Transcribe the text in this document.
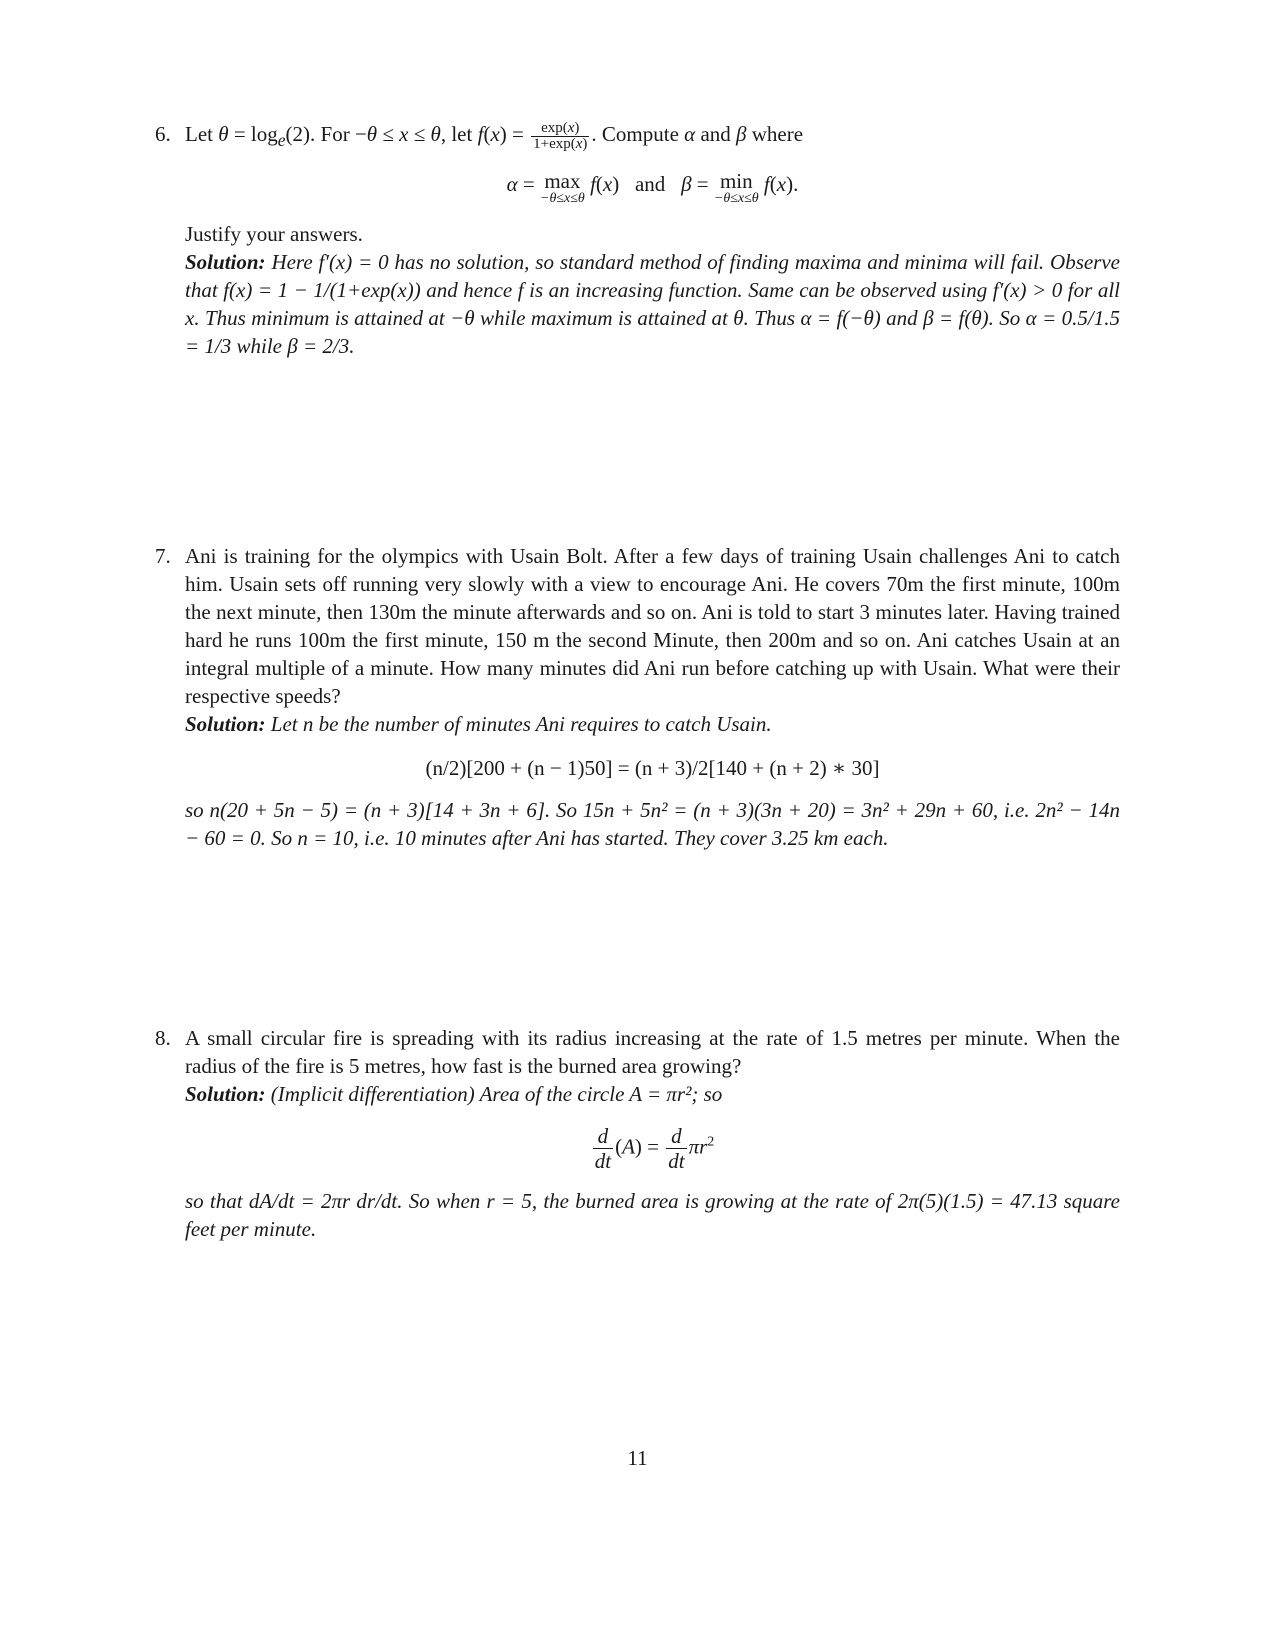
6. Let $\theta = \log_e(2)$. For −θ ≤ x ≤ θ, let $f(x) = \frac{\exp(x)}{1+\exp(x)}$ . Compute α and β where

α = max
−θ≤x≤θ
f(x)   and   β = min
−θ≤x≤θ
f(x).

Justify your answers.

Solution: Here f′(x) = 0 has no solution, so standard method of finding maxima and minima will fail. Observe that f(x) = 1 − 1/(1+exp(x)) and hence f is an increasing function. Same can be observed using f′(x) > 0 for all x. Thus minimum is attained at −θ while maximum is attained at θ. Thus α = f(−θ) and β = f(θ). So α = 0.5/1.5 = 1/3 while β = 2/3.

7. Ani is training for the olympics with Usain Bolt. After a few days of training Usain challenges Ani to catch him. Usain sets off running very slowly with a view to encourage Ani. He covers 70m the first minute, 100m the next minute, then 130m the minute afterwards and so on. Ani is told to start 3 minutes later. Having trained hard he runs 100m the first minute, 150 m the second Minute, then 200m and so on. Ani catches Usain at an integral multiple of a minute. How many minutes did Ani run before catching up with Usain. What were their respective speeds?

Solution: Let n be the number of minutes Ani requires to catch Usain.

(n/2)[200 + (n − 1)50] = (n + 3)/2[140 + (n + 2) ∗ 30]

so n(20 + 5n − 5) = (n + 3)[14 + 3n + 6]. So 15n + 5n² = (n + 3)(3n + 20) = 3n² + 29n + 60, i.e. 2n² − 14n − 60 = 0. So n = 10, i.e. 10 minutes after Ani has started. They cover 3.25 km each.

8. A small circular fire is spreading with its radius increasing at the rate of 1.5 metres per minute. When the radius of the fire is 5 metres, how fast is the burned area growing?

Solution: (Implicit differentiation) Area of the circle A = πr²; so

$\frac{d}{dt} (A) = \frac{d}{dt} \pi r^2$

so that dA/dt = 2πr dr/dt. So when r = 5, the burned area is growing at the rate of 2π(5)(1.5) = 47.13 square feet per minute.

11
